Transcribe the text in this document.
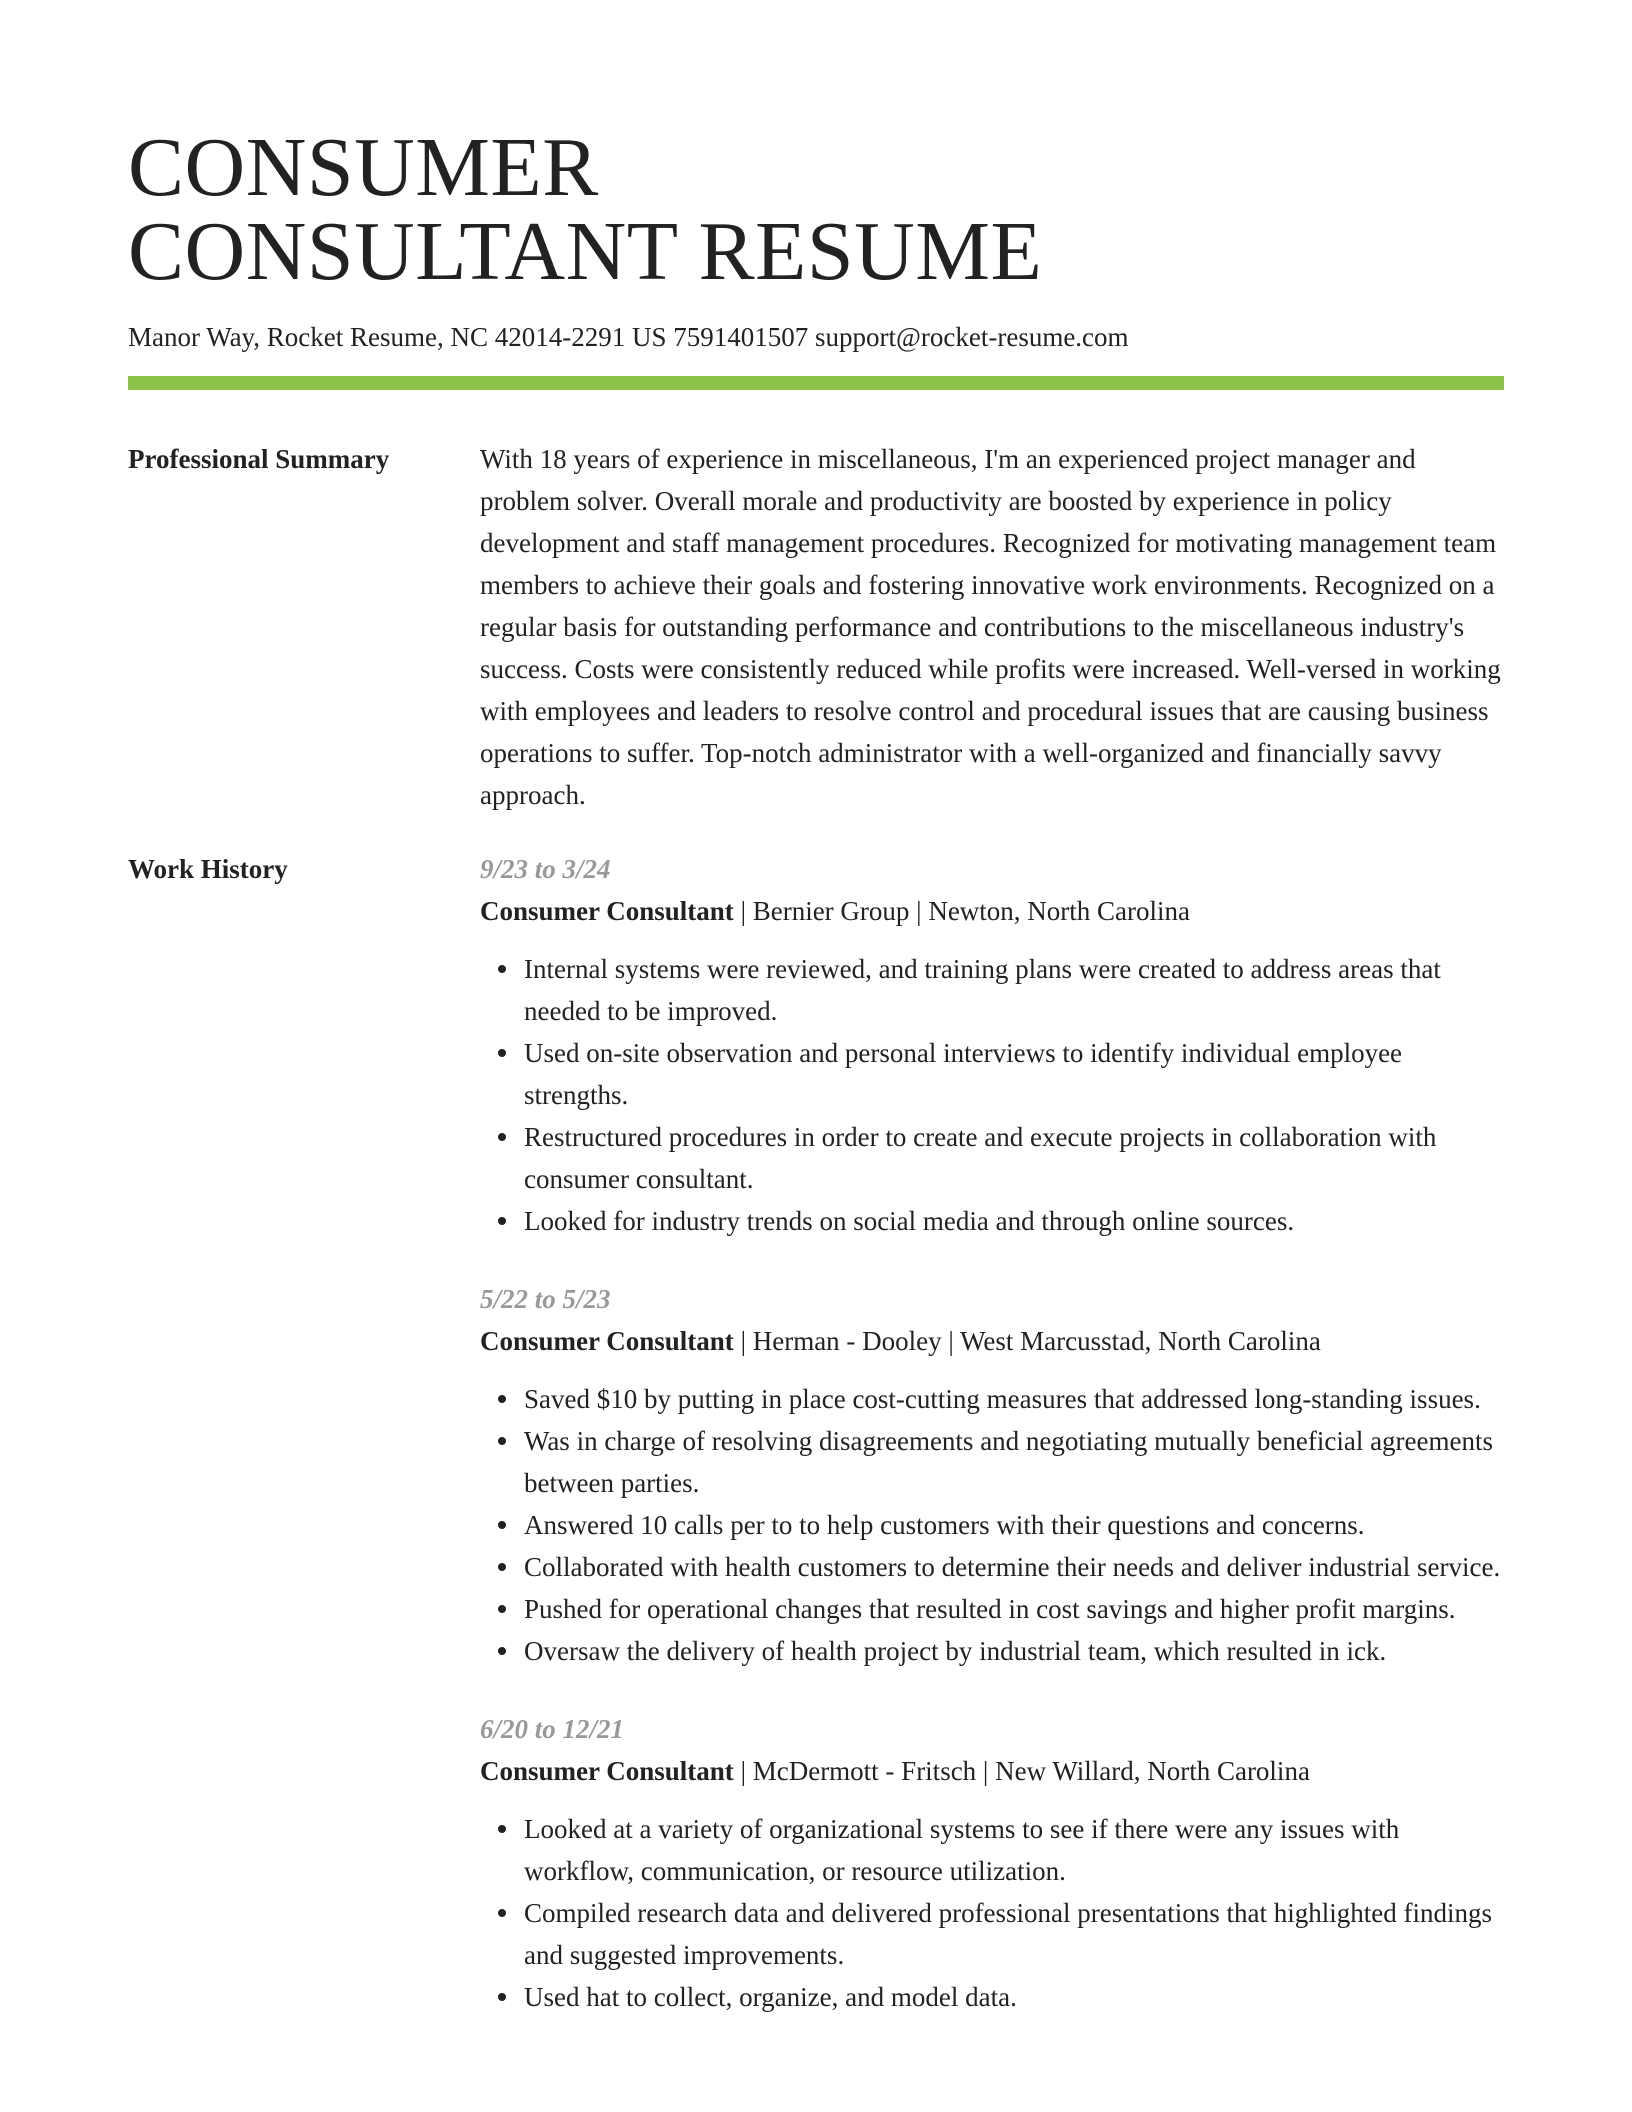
CONSUMER
CONSULTANT RESUME
Manor Way, Rocket Resume, NC 42014-2291 US 7591401507 support@rocket-resume.com
Professional Summary	With 18 years of experience in miscellaneous, I'm an experienced project manager and problem solver. Overall morale and productivity are boosted by experience in policy development and staff management procedures. Recognized for motivating management team members to achieve their goals and fostering innovative work environments. Recognized on a regular basis for outstanding performance and contributions to the miscellaneous industry's success. Costs were consistently reduced while profits were increased. Well-versed in working with employees and leaders to resolve control and procedural issues that are causing business operations to suffer. Top-notch administrator with a well-organized and financially savvy approach.

Work History	9/23 to 3/24
Consumer Consultant | Bernier Group | Newton, North Carolina
Internal systems were reviewed, and training plans were created to address areas that needed to be improved.
Used on-site observation and personal interviews to identify individual employee strengths.
Restructured procedures in order to create and execute projects in collaboration with consumer consultant.
Looked for industry trends on social media and through online sources.
5/22 to 5/23
Consumer Consultant | Herman - Dooley | West Marcusstad, North Carolina
Saved $10 by putting in place cost-cutting measures that addressed long-standing issues.
Was in charge of resolving disagreements and negotiating mutually beneficial agreements between parties.
Answered 10 calls per to to help customers with their questions and concerns.
Collaborated with health customers to determine their needs and deliver industrial service.
Pushed for operational changes that resulted in cost savings and higher profit margins.
Oversaw the delivery of health project by industrial team, which resulted in ick.
6/20 to 12/21
Consumer Consultant | McDermott - Fritsch | New Willard, North Carolina
Looked at a variety of organizational systems to see if there were any issues with workflow, communication, or resource utilization.
Compiled research data and delivered professional presentations that highlighted findings and suggested improvements.
Used hat to collect, organize, and model data.
